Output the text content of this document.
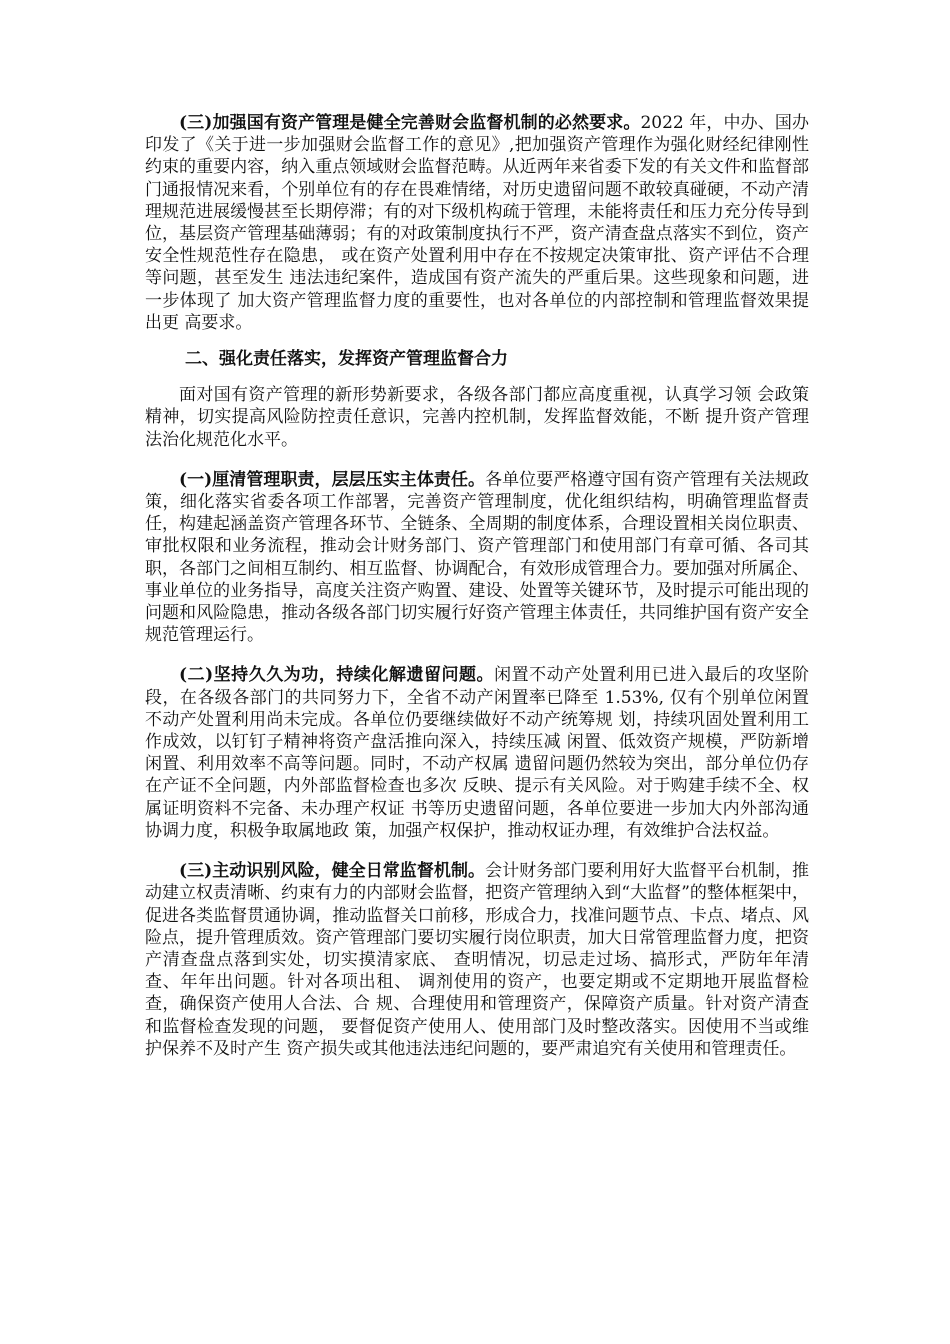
(三)加强国有资产管理是健全完善财会监督机制的必然要求。2022 年，中办、国办印发了《关于进一步加强财会监督工作的意见》,把加强资产管理作为强化财经纪律刚性约束的重要内容，纳入重点领域财会监督范畴。从近两年来省委下发的有关文件和监督部门通报情况来看，个别单位有的存在畏难情绪，对历史遗留问题不敢较真碰硬，不动产清理规范进展缓慢甚至长期停滞；有的对下级机构疏于管理，未能将责任和压力充分传导到位，基层资产管理基础薄弱；有的对政策制度执行不严，资产清查盘点落实不到位，资产安全性规范性存在隐患， 或在资产处置利用中存在不按规定决策审批、资产评估不合理等问题，甚至发生 违法违纪案件，造成国有资产流失的严重后果。这些现象和问题，进一步体现了 加大资产管理监督力度的重要性，也对各单位的内部控制和管理监督效果提出更 高要求。

二、强化责任落实，发挥资产管理监督合力

面对国有资产管理的新形势新要求，各级各部门都应高度重视，认真学习领 会政策精神，切实提高风险防控责任意识，完善内控机制，发挥监督效能，不断 提升资产管理法治化规范化水平。

(一)厘清管理职责，层层压实主体责任。各单位要严格遵守国有资产管理有关法规政策，细化落实省委各项工作部署，完善资产管理制度，优化组织结构，明确管理监督责任，构建起涵盖资产管理各环节、全链条、全周期的制度体系，合理设置相关岗位职责、审批权限和业务流程，推动会计财务部门、资产管理部门和使用部门有章可循、各司其职，各部门之间相互制约、相互监督、协调配合，有效形成管理合力。要加强对所属企、事业单位的业务指导，高度关注资产购置、建设、处置等关键环节，及时提示可能出现的问题和风险隐患，推动各级各部门切实履行好资产管理主体责任，共同维护国有资产安全规范管理运行。

(二)坚持久久为功，持续化解遗留问题。闲置不动产处置利用已进入最后的攻坚阶段，在各级各部门的共同努力下，全省不动产闲置率已降至 1.53%, 仅有个别单位闲置不动产处置利用尚未完成。各单位仍要继续做好不动产统筹规 划，持续巩固处置利用工作成效，以钉钉子精神将资产盘活推向深入，持续压减 闲置、低效资产规模，严防新增闲置、利用效率不高等问题。同时，不动产权属 遗留问题仍然较为突出，部分单位仍存在产证不全问题，内外部监督检查也多次 反映、提示有关风险。对于购建手续不全、权属证明资料不完备、未办理产权证 书等历史遗留问题，各单位要进一步加大内外部沟通协调力度，积极争取属地政 策，加强产权保护，推动权证办理，有效维护合法权益。

(三)主动识别风险，健全日常监督机制。会计财务部门要利用好大监督平台机制，推动建立权责清晰、约束有力的内部财会监督，把资产管理纳入到“大监督”的整体框架中，促进各类监督贯通协调，推动监督关口前移，形成合力，找准问题节点、卡点、堵点、风险点，提升管理质效。资产管理部门要切实履行岗位职责，加大日常管理监督力度，把资产清查盘点落到实处，切实摸清家底、 查明情况，切忌走过场、搞形式，严防年年清查、年年出问题。针对各项出租、 调剂使用的资产，也要定期或不定期地开展监督检查，确保资产使用人合法、合 规、合理使用和管理资产，保障资产质量。针对资产清查和监督检查发现的问题， 要督促资产使用人、使用部门及时整改落实。因使用不当或维护保养不及时产生 资产损失或其他违法违纪问题的，要严肃追究有关使用和管理责任。
